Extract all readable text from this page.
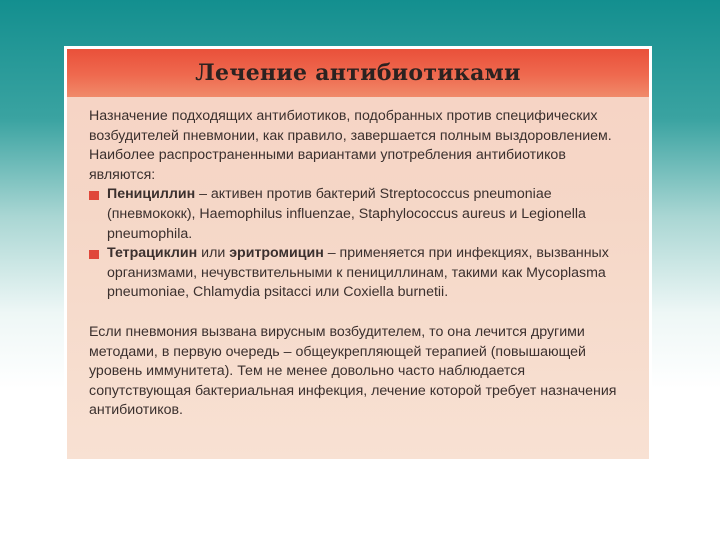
Лечение антибиотиками

Назначение подходящих антибиотиков, подобранных против специфических возбудителей пневмонии, как правило, завершается полным выздоровлением. Наиболее распространенными вариантами употребления антибиотиков являются:

Пенициллин – активен против бактерий Streptococcus pneumoniae (пневмококк), Haemophilus influenzae, Staphylococcus aureus и Legionella pneumophila.
Тетрациклин или эритромицин – применяется при инфекциях, вызванных организмами, нечувствительными к пенициллинам, такими как Mycoplasma pneumoniae, Chlamydia psitacci или Coxiella burnetii.

Если пневмония вызвана вирусным возбудителем, то она лечится другими методами, в первую очередь – общеукрепляющей терапией (повышающей уровень иммунитета). Тем не менее довольно часто наблюдается сопутствующая бактериальная инфекция, лечение которой требует назначения антибиотиков.
